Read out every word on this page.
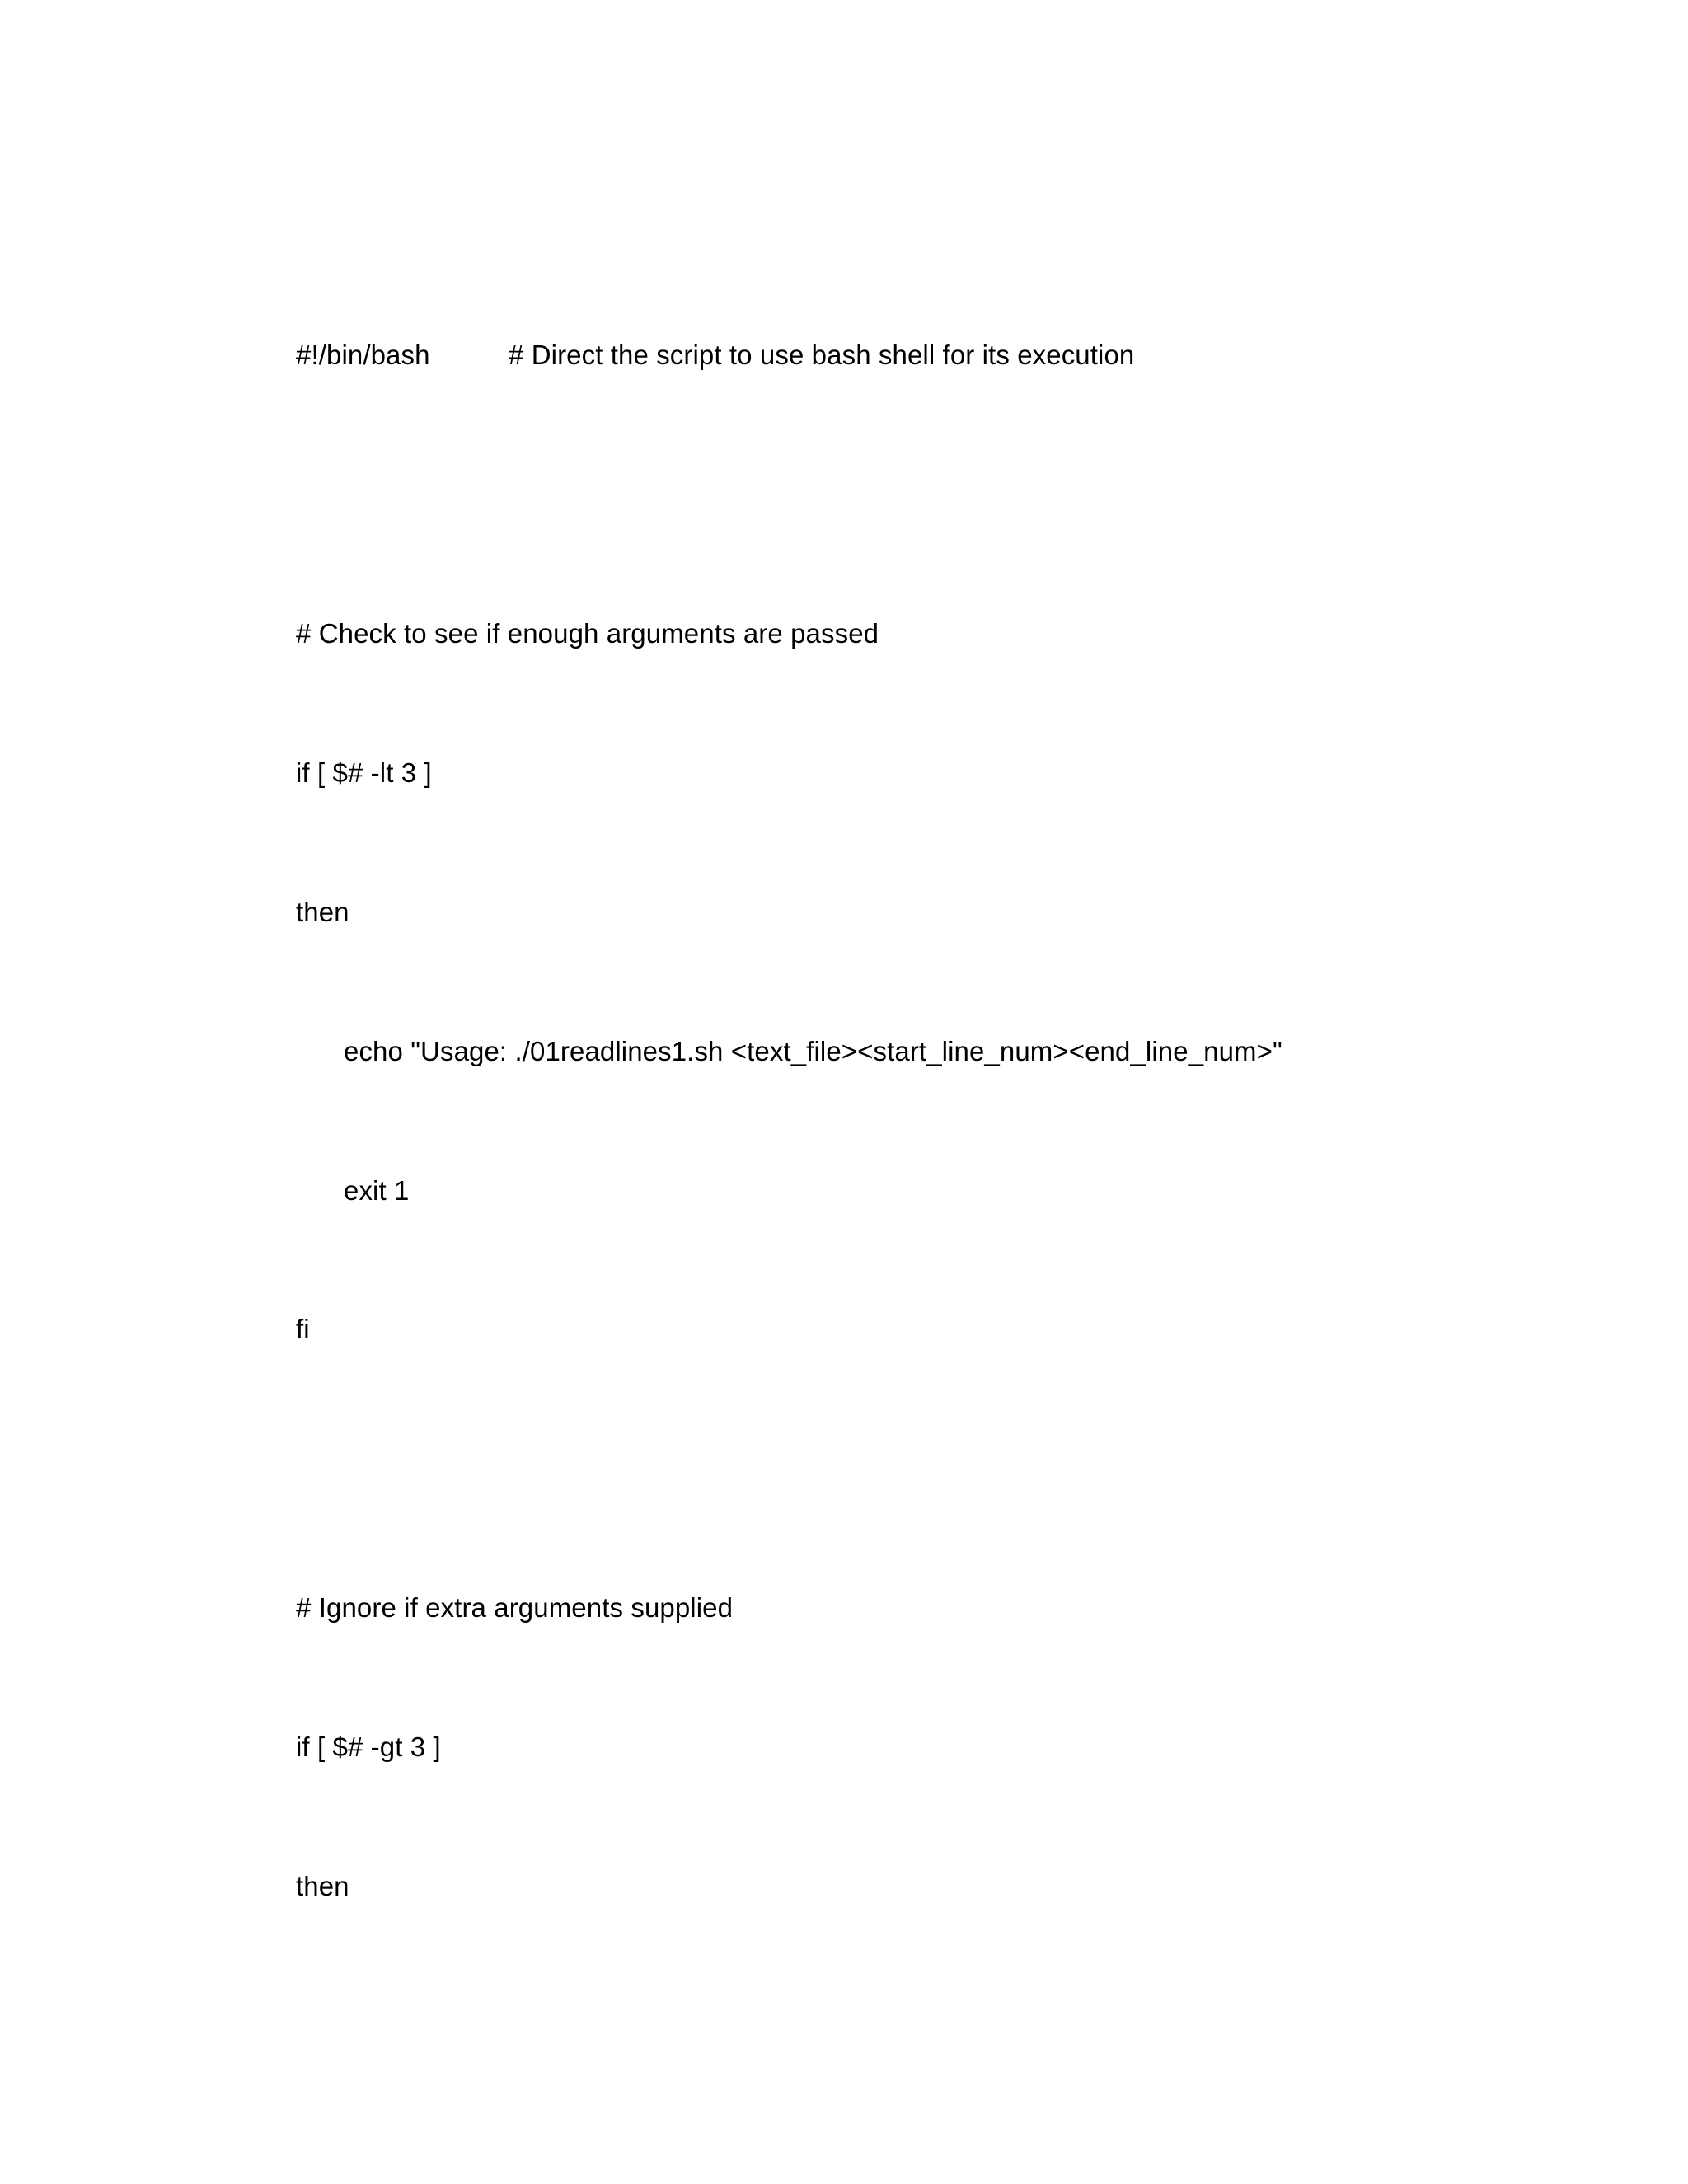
#!/bin/bash	# Direct the script to use bash shell for its execution
# Check to see if enough arguments are passed
if [ $# -lt 3 ]
then
echo "Usage: ./01readlines1.sh <text_file><start_line_num><end_line_num>"
exit 1
fi
# Ignore if extra arguments supplied
if [ $# -gt 3 ]
then
